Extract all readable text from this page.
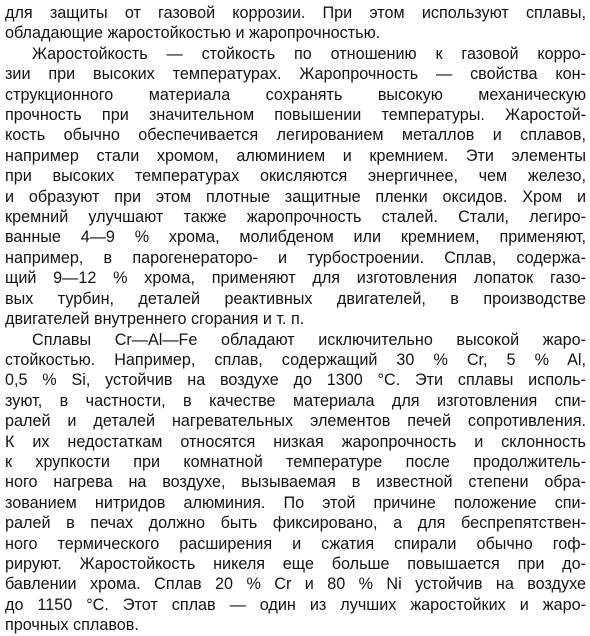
для защиты от газовой коррозии. При этом используют сплавы,
обладающие жаростойкостью и жаропрочностью.
Жаростойкость — стойкость по отношению к газовой корро-
зии при высоких температурах. Жаропрочность — свойства кон-
струкционного материала сохранять высокую механическую
прочность при значительном повышении температуры. Жаростой-
кость обычно обеспечивается легированием металлов и сплавов,
например стали хромом, алюминием и кремнием. Эти элементы
при высоких температурах окисляются энергичнее, чем железо,
и образуют при этом плотные защитные пленки оксидов. Хром и
кремний улучшают также жаропрочность сталей. Стали, легиро-
ванные 4—9 % хрома, молибденом или кремнием, применяют,
например, в парогенераторо- и турбостроении. Сплав, содержа-
щий 9—12 % хрома, применяют для изготовления лопаток газо-
вых турбин, деталей реактивных двигателей, в производстве
двигателей внутреннего сгорания и т. п.
Сплавы Cr—Al—Fe обладают исключительно высокой жаро-
стойкостью. Например, сплав, содержащий 30 % Cr, 5 % Al,
0,5 % Si, устойчив на воздухе до 1300 °C. Эти сплавы исполь-
зуют, в частности, в качестве материала для изготовления спи-
ралей и деталей нагревательных элементов печей сопротивления.
К их недостаткам относятся низкая жаропрочность и склонность
к хрупкости при комнатной температуре после продолжитель-
ного нагрева на воздухе, вызываемая в известной степени обра-
зованием нитридов алюминия. По этой причине положение спи-
ралей в печах должно быть фиксировано, а для беспрепятствен-
ного термического расширения и сжатия спирали обычно гоф-
рируют. Жаростойкость никеля еще больше повышается при до-
бавлении хрома. Сплав 20 % Cr и 80 % Ni устойчив на воздухе
до 1150 °C. Этот сплав — один из лучших жаростойких и жаро-
прочных сплавов.
